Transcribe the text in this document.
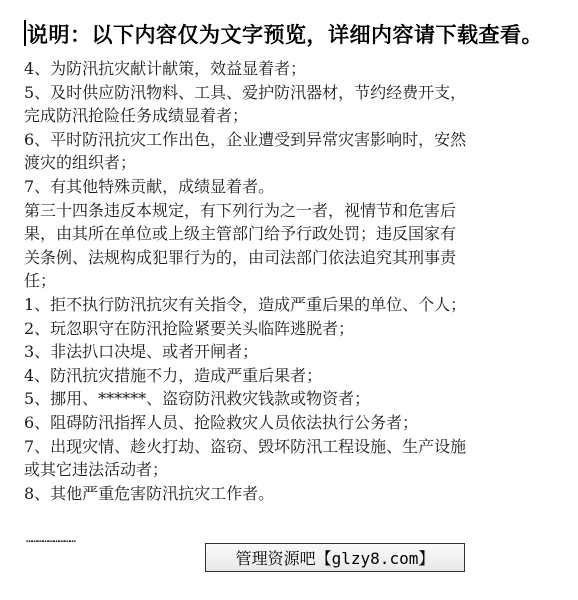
说明：以下内容仅为文字预览，详细内容请下载查看。
4、为防汛抗灾献计献策，效益显着者；
5、及时供应防汛物料、工具、爱护防汛器材，节约经费开支，
完成防汛抢险任务成绩显着者；
6、平时防汛抗灾工作出色，企业遭受到异常灾害影响时，安然
渡灾的组织者；
7、有其他特殊贡献，成绩显着者。
第三十四条违反本规定，有下列行为之一者，视情节和危害后
果，由其所在单位或上级主管部门给予行政处罚；违反国家有
关条例、法规构成犯罪行为的，由司法部门依法追究其刑事责
任；
1、拒不执行防汛抗灾有关指令，造成严重后果的单位、个人；
2、玩忽职守在防汛抢险紧要关头临阵逃脱者；
3、非法扒口决堤、或者开闸者；
4、防汛抗灾措施不力，造成严重后果者；
5、挪用、******、盗窃防汛救灾钱款或物资者；
6、阻碍防汛指挥人员、抢险救灾人员依法执行公务者；
7、出现灾情、趁火打劫、盗窃、毁坏防汛工程设施、生产设施
或其它违法活动者；
8、其他严重危害防汛抗灾工作者。
………………………
管理资源吧【glzy8.com】
